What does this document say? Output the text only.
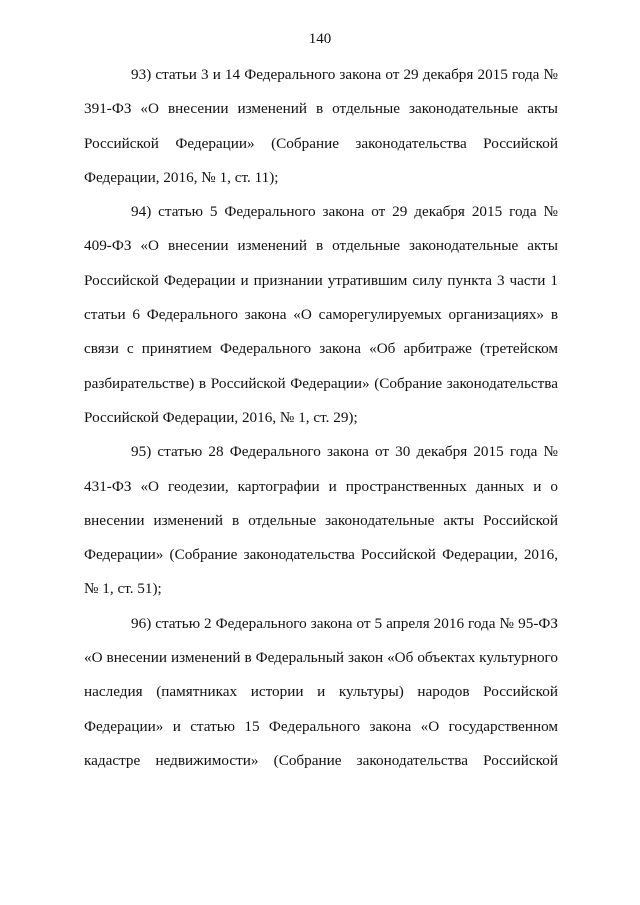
140

93) статьи 3 и 14 Федерального закона от 29 декабря 2015 года № 391-ФЗ «О внесении изменений в отдельные законодательные акты Российской Федерации» (Собрание законодательства Российской Федерации, 2016, № 1, ст. 11);

94) статью 5 Федерального закона от 29 декабря 2015 года № 409-ФЗ «О внесении изменений в отдельные законодательные акты Российской Федерации и признании утратившим силу пункта 3 части 1 статьи 6 Федерального закона «О саморегулируемых организациях» в связи с принятием Федерального закона «Об арбитраже (третейском разбирательстве) в Российской Федерации» (Собрание законодательства Российской Федерации, 2016, № 1, ст. 29);

95) статью 28 Федерального закона от 30 декабря 2015 года № 431-ФЗ «О геодезии, картографии и пространственных данных и о внесении изменений в отдельные законодательные акты Российской Федерации» (Собрание законодательства Российской Федерации, 2016, № 1, ст. 51);

96) статью 2 Федерального закона от 5 апреля 2016 года № 95-ФЗ «О внесении изменений в Федеральный закон «Об объектах культурного наследия (памятниках истории и культуры) народов Российской Федерации» и статью 15 Федерального закона «О государственном кадастре недвижимости» (Собрание законодательства Российской
